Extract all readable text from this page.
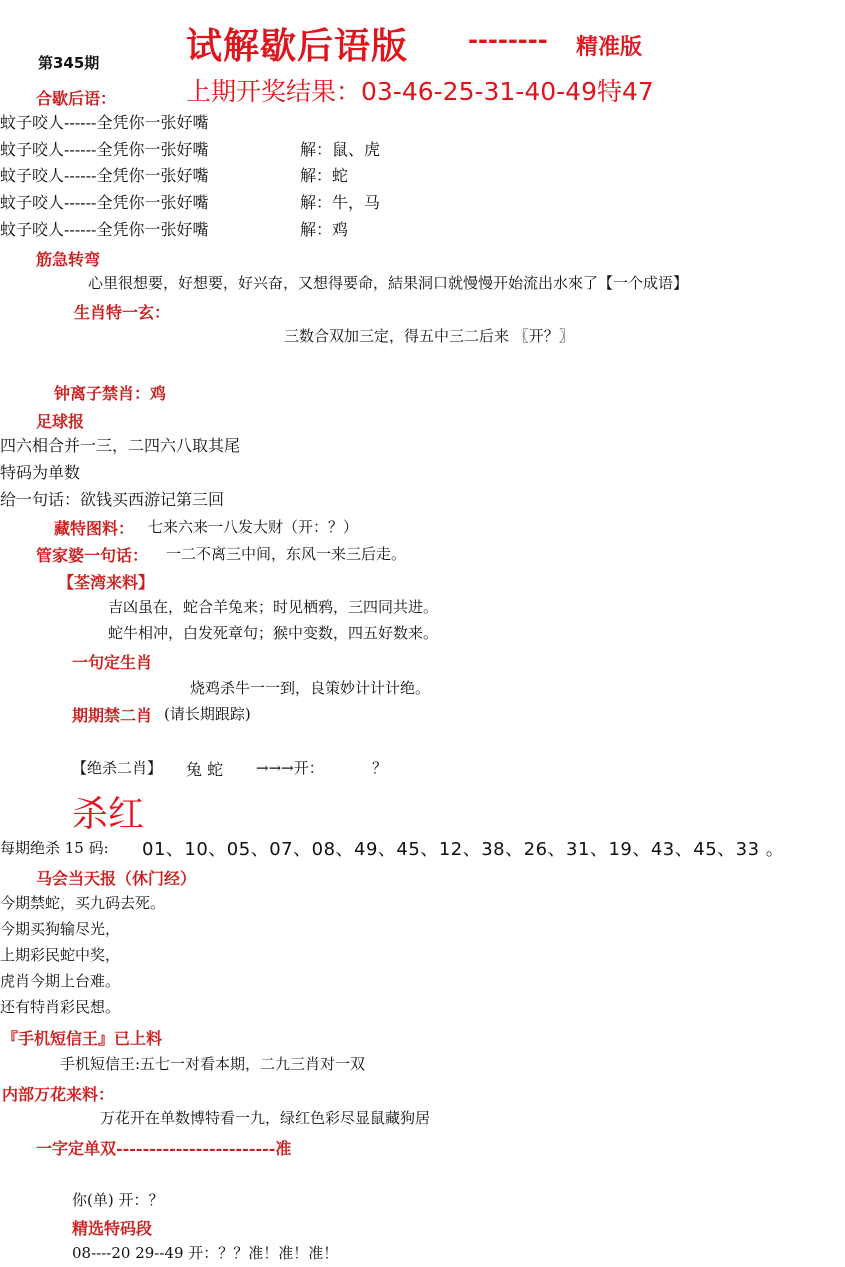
试解歇后语版 -------- 精准版
第345期
上期开奖结果：03-46-25-31-40-49特47
合歇后语：
蚊子咬人------全凭你一张好嘴
蚊子咬人------全凭你一张好嘴	解：鼠、虎
蚊子咬人------全凭你一张好嘴	解：蛇
蚊子咬人------全凭你一张好嘴	解：牛，马
蚊子咬人------全凭你一张好嘴	解：鸡
筋急转弯
心里很想要，好想要，好兴奋，又想得要命，結果洞口就慢慢开始流出水來了【一个成语】
生肖特一玄：
三数合双加三定，得五中三二后来 〖开？〗
钟离子禁肖：鸡
足球报
四六相合并一三，二四六八取其尾
特码为单数
给一句话：欲钱买西游记第三回
藏特图料： 七来六来一八发大财（开：？）
管家婆一句话： 一二不离三中间，东风一来三后走。
【荃湾来料】
吉凶虽在，蛇合羊兔来；时见栖鸦，三四同共进。
蛇牛相冲，白发死章句；猴中变数，四五好数来。
一句定生肖
烧鸡杀牛一一到，良策妙计计计绝。
期期禁二肖 (请长期跟踪)
【绝杀二肖】 兔 蛇 →→→开：	？
杀红
每期绝杀 15 码: 01、10、05、07、08、49、45、12、38、26、31、19、43、45、33 。
马会当天报（休门经）
今期禁蛇，买九码去死。
今期买狗输尽光，
上期彩民蛇中奖，
虎肖今期上台难。
还有特肖彩民想。
『手机短信王』已上料
手机短信王:五七一对看本期，二九三肖对一双
内部万花来料：
万花开在单数博特看一九，绿红色彩尽显鼠藏狗居
一字定单双------------------------准
你(单) 开：？
精选特码段
08----20 29--49 开：？？准！准！准！
